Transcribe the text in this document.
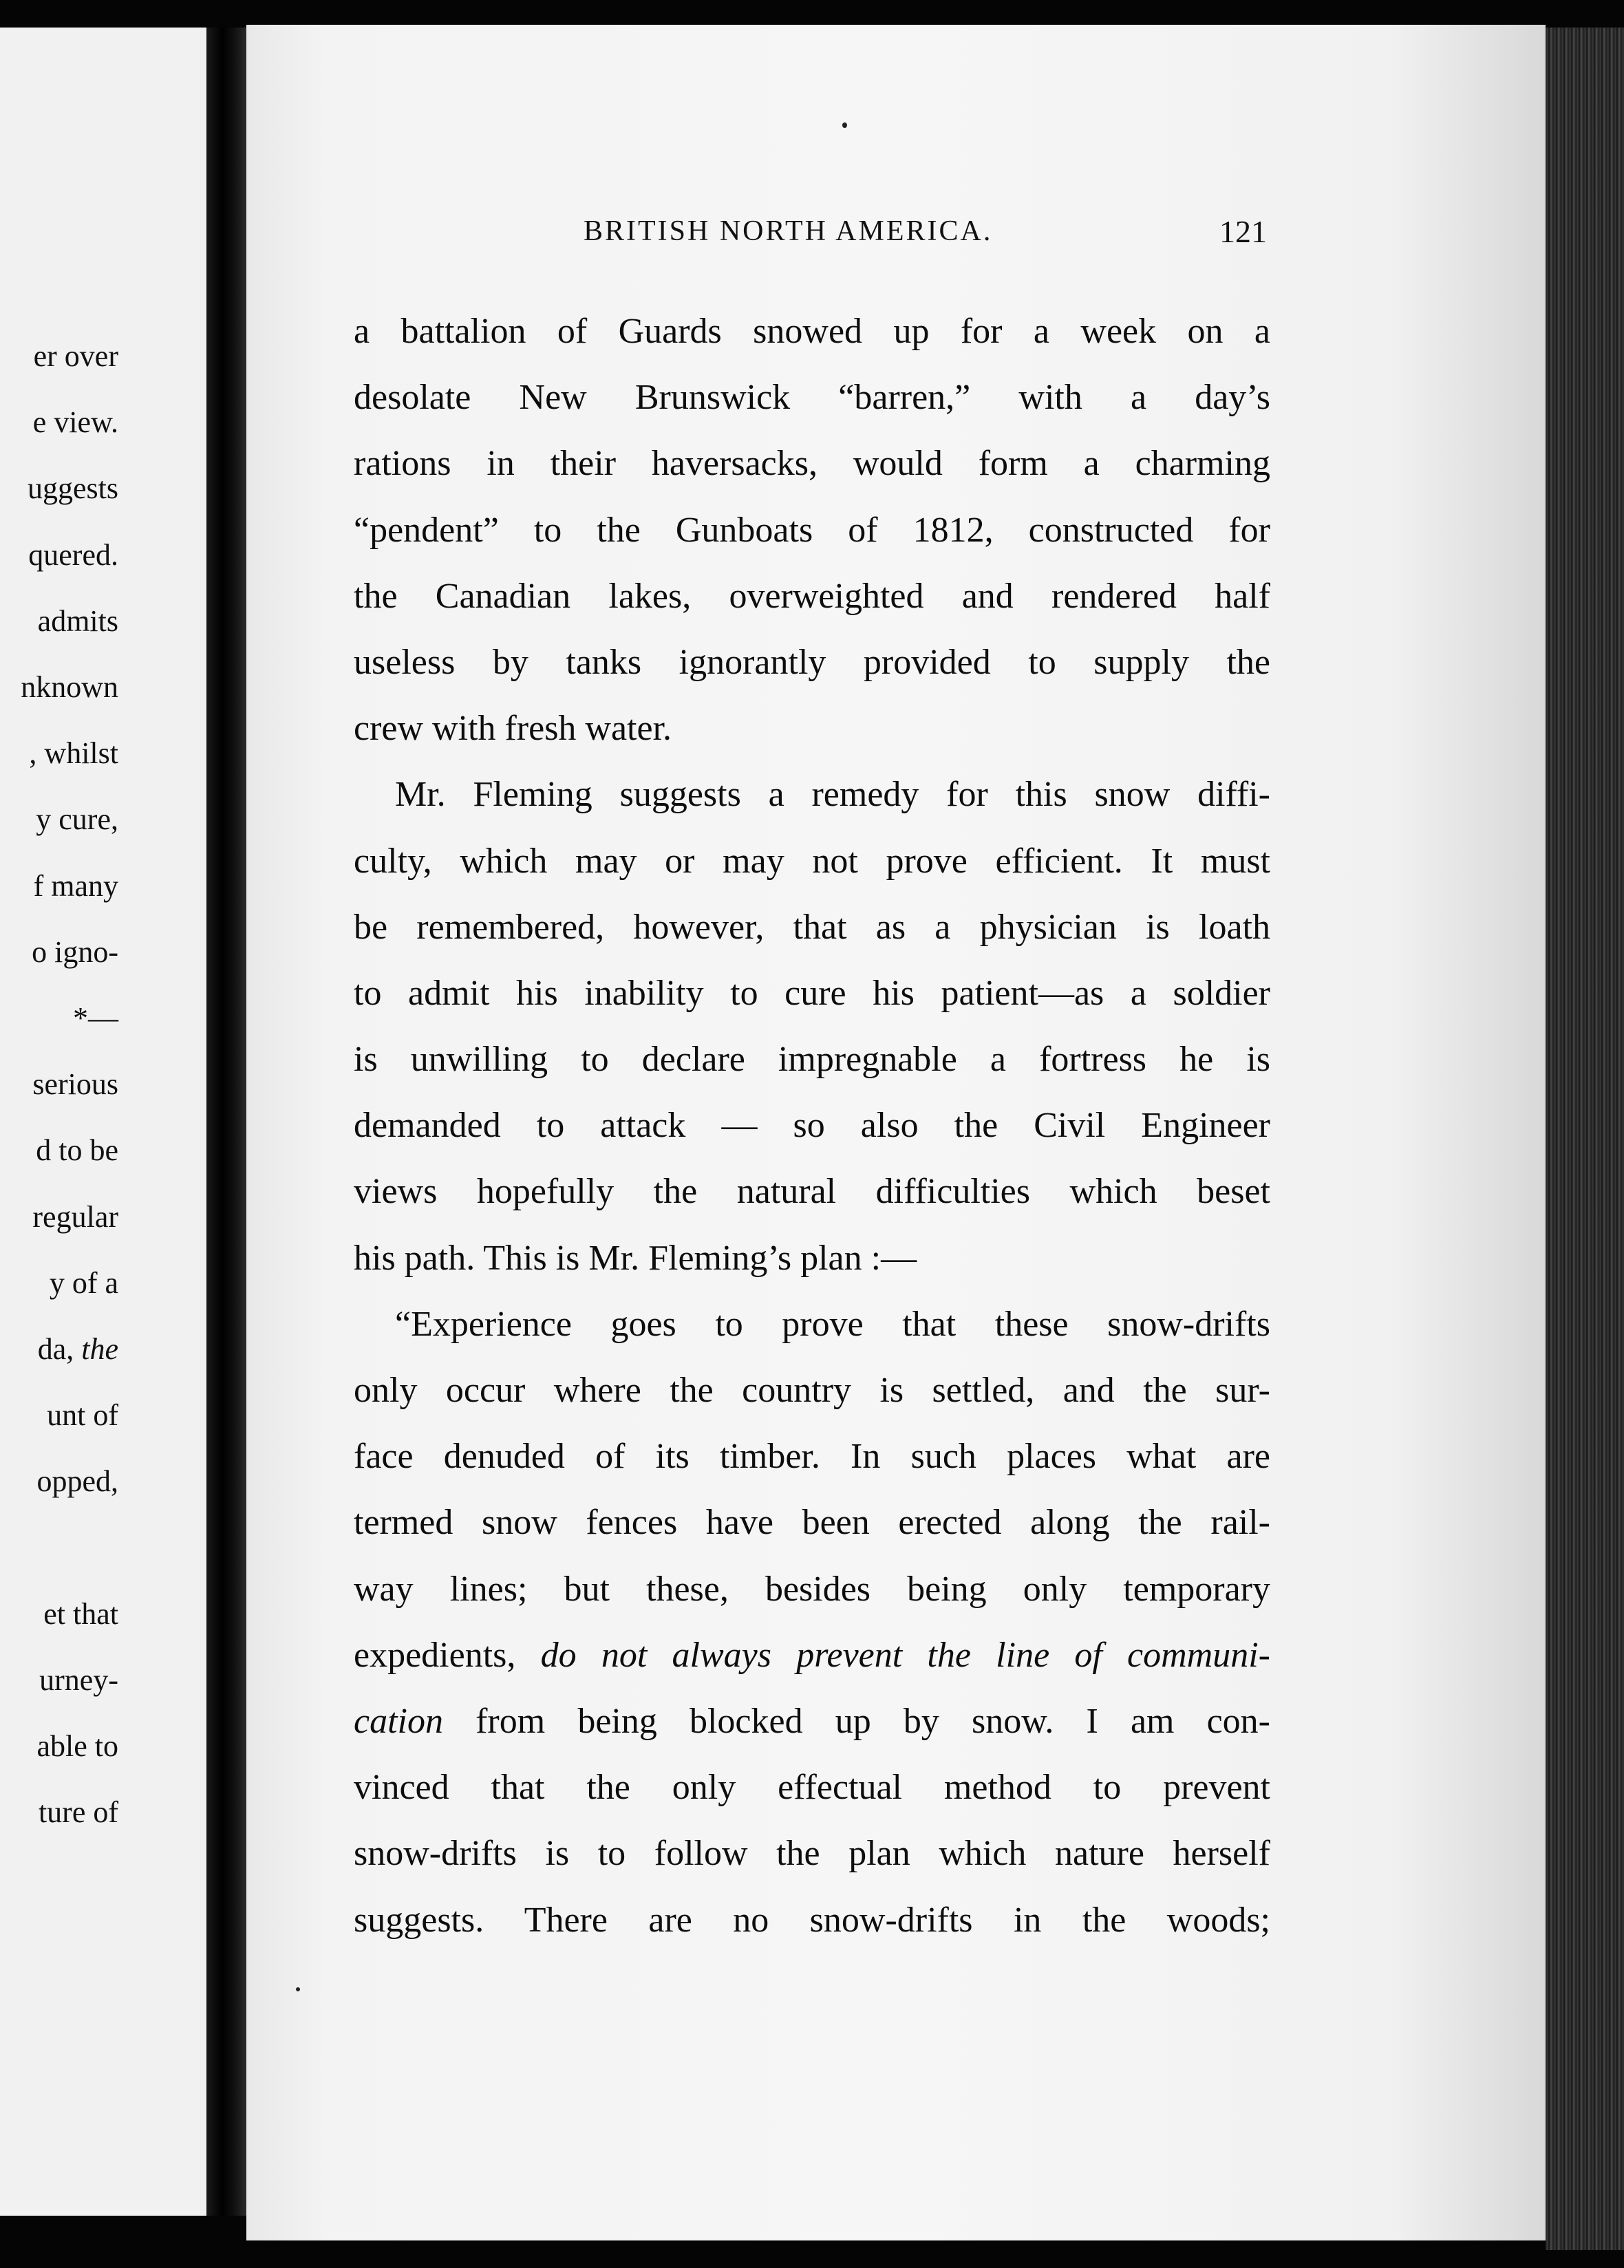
er over
e view.
uggests
quered.
admits
nknown
, whilst
y cure,
f many
o igno-
*—
serious
d to be
regular
y of a
da, the
unt of
opped,
et that
urney-
able to
ture of
BRITISH NORTH AMERICA.	121
a battalion of Guards snowed up for a week on a
desolate New Brunswick “barren,” with a day’s
rations in their haversacks, would form a charming
“pendent” to the Gunboats of 1812, constructed for
the Canadian lakes, overweighted and rendered half
useless by tanks ignorantly provided to supply the
crew with fresh water.
Mr. Fleming suggests a remedy for this snow diffi-
culty, which may or may not prove efficient. It must
be remembered, however, that as a physician is loath
to admit his inability to cure his patient—as a soldier
is unwilling to declare impregnable a fortress he is
demanded to attack — so also the Civil Engineer
views hopefully the natural difficulties which beset
his path. This is Mr. Fleming’s plan :—
“Experience goes to prove that these snow-drifts
only occur where the country is settled, and the sur-
face denuded of its timber. In such places what are
termed snow fences have been erected along the rail-
way lines; but these, besides being only temporary
expedients, do not always prevent the line of communi-
cation from being blocked up by snow. I am con-
vinced that the only effectual method to prevent
snow-drifts is to follow the plan which nature herself
suggests. There are no snow-drifts in the woods;
